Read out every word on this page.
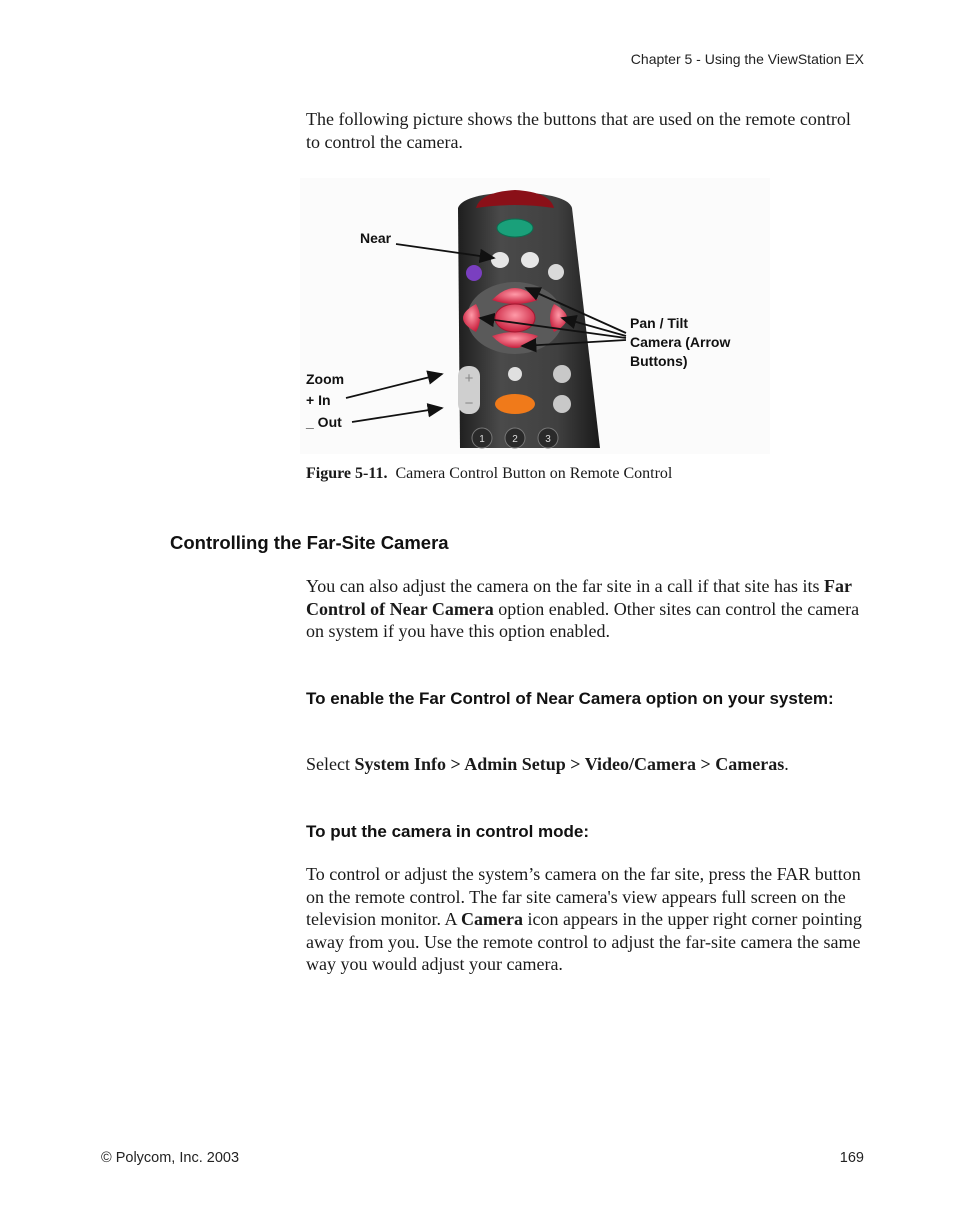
Chapter 5 - Using the ViewStation EX

The following picture shows the buttons that are used on the remote control to control the camera.

+
−
1	2	3
Near
Pan / Tilt
Camera (Arrow
Buttons)
Zoom
+ In
_ Out
Figure 5-11. Camera Control Button on Remote Control
Controlling the Far-Site Camera

You can also adjust the camera on the far site in a call if that site has its Far Control of Near Camera option enabled. Other sites can control the camera on system if you have this option enabled.

To enable the Far Control of Near Camera option on your system:

Select System Info > Admin Setup > Video/Camera > Cameras.

To put the camera in control mode:

To control or adjust the system’s camera on the far site, press the FAR button on the remote control. The far site camera's view appears full screen on the television monitor. A Camera icon appears in the upper right corner pointing away from you. Use the remote control to adjust the far-site camera the same way you would adjust your camera.

© Polycom, Inc. 2003	169
